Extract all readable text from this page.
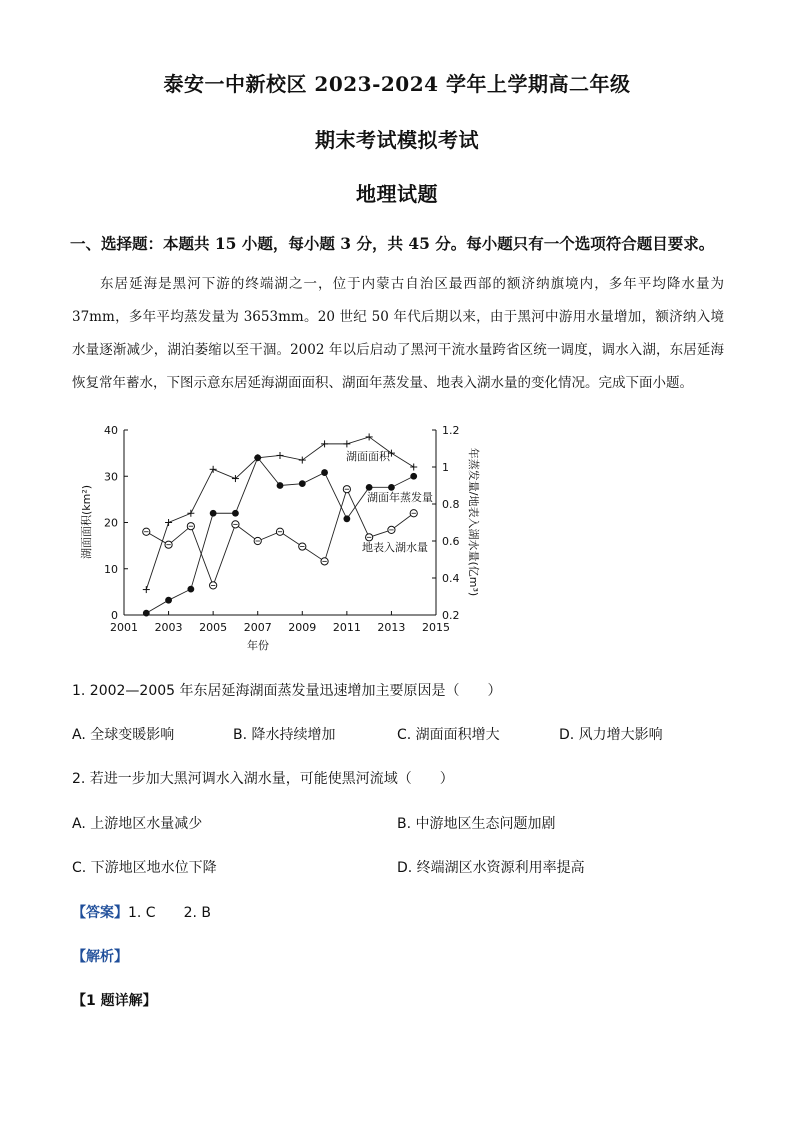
泰安一中新校区 2023-2024 学年上学期高二年级
期末考试模拟考试
地理试题
一、选择题：本题共 15 小题，每小题 3 分，共 45 分。每小题只有一个选项符合题目要求。
东居延海是黑河下游的终端湖之一，位于内蒙古自治区最西部的额济纳旗境内，多年平均降水量为 37mm，多年平均蒸发量为 3653mm。20 世纪 50 年代后期以来，由于黑河中游用水量增加，额济纳入境水量逐渐减少，湖泊萎缩以至干涸。2002 年以后启动了黑河干流水量跨省区统一调度，调水入湖，东居延海恢复常年蓄水，下图示意东居延海湖面面积、湖面年蒸发量、地表入湖水量的变化情况。完成下面小题。
2001 2003 2005 2007 2009 2011 2013 2015
0
10
20
30
40
0.2
0.4
0.6
0.8
1
1.2
湖面面积(km²)	年蒸发量/地表入湖水量(亿m³)
年份
湖面面积
湖面年蒸发量
地表入湖水量
1. 2002—2005 年东居延海湖面蒸发量迅速增加主要原因是（　　）
A. 全球变暖影响	B. 降水持续增加	C. 湖面面积增大	D. 风力增大影响
2. 若进一步加大黑河调水入湖水量，可能使黑河流域（　　）
A. 上游地区水量减少	B. 中游地区生态问题加剧
C. 下游地区地水位下降	D. 终端湖区水资源利用率提高
【答案】1. C　　2. B
【解析】
【1 题详解】
